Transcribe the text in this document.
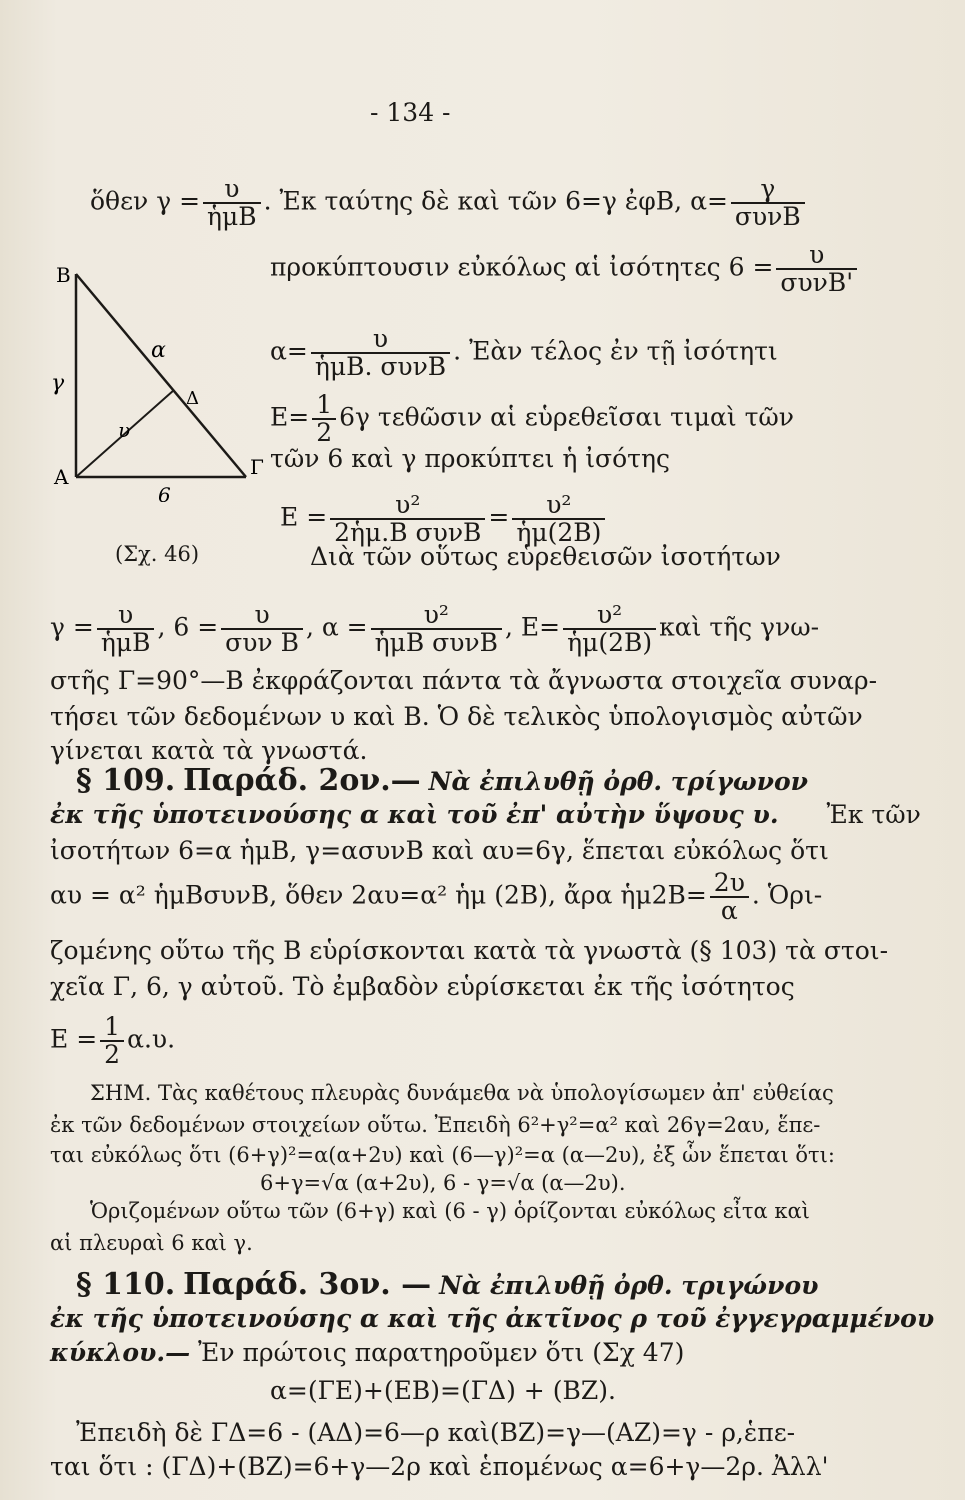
- 134 -
ὅθεν $\gamma = \frac{\upsilon}{\text{ἡμΒ}}$ . Ἐκ ταύτης δὲ καὶ τῶν 6=γ ἐφΒ, $\alpha= \frac{\gamma}{\text{συνΒ}}$
προκύπτουσιν εὐκόλως αἱ ἰσότητες $6 = \frac{\upsilon}{\text{συνΒ'}}$
$\alpha= \frac{\upsilon}{\text{ἡμΒ. συνΒ}}$ . Ἐὰν τέλος ἐν τῇ ἰσότητι
$E= \frac{1}{2} 6\gamma$ τεθῶσιν αἱ εὑρεθεῖσαι τιμαὶ τῶν
τῶν 6 καὶ γ προκύπτει ἡ ἰσότης
$E = \frac{\text{υ²}}{\text{2ἡμ.Β συνΒ}} = \frac{\text{υ²}}{\text{ἡμ(2Β)}}$
(Σχ. 46)	Διὰ τῶν οὕτως εὑρεθεισῶν ἰσοτήτων
Β
α
γ
Δ
υ
Α
6
Γ
$\gamma = \frac{\upsilon}{\text{ἡμΒ}}$ , $6 = \frac{\upsilon}{\text{συν Β}}$ , $\alpha = \frac{\text{υ²}}{\text{ἡμΒ συνΒ}}$ , $E= \frac{\text{υ²}}{\text{ἡμ(2Β)}}$ καὶ τῆς γνω-
στῆς Γ=90°—Β ἐκφράζονται πάντα τὰ ἄγνωστα στοιχεῖα συναρ-
τήσει τῶν δεδομένων υ καὶ Β. Ὁ δὲ τελικὸς ὑπολογισμὸς αὐτῶν
γίνεται κατὰ τὰ γνωστά.
§ 109. Παράδ. 2ον.— Νὰ ἐπιλυθῇ ὀρθ. τρίγωνον
ἐκ τῆς ὑποτεινούσης α καὶ τοῦ ἐπ' αὐτὴν ὕψους υ. Ἐκ τῶν
ἰσοτήτων 6=α ἡμΒ, γ=ασυνΒ καὶ αυ=6γ, ἕπεται εὐκόλως ὅτι
αυ = α² ἡμΒσυνΒ, ὅθεν 2αυ=α² ἡμ (2Β), ἄρα ἡμ2Β= $\frac{2\upsilon}{\alpha}$ . Ὁρι-
ζομένης οὕτω τῆς Β εὑρίσκονται κατὰ τὰ γνωστὰ (§ 103) τὰ στοι-
χεῖα Γ, 6, γ αὐτοῦ. Τὸ ἐμβαδὸν εὑρίσκεται ἐκ τῆς ἰσότητος
$E = \frac{1}{2} \alpha.\upsilon$.
ΣΗΜ. Τὰς καθέτους πλευρὰς δυνάμεθα νὰ ὑπολογίσωμεν ἀπ' εὐθείας
ἐκ τῶν δεδομένων στοιχείων οὕτω. Ἐπειδὴ 6²+γ²=α² καὶ 26γ=2αυ, ἕπε-
ται εὐκόλως ὅτι (6+γ)²=α(α+2υ) καὶ (6—γ)²=α (α—2υ), ἐξ ὧν ἕπεται ὅτι:
6+γ=√α (α+2υ), 6 - γ=√α (α—2υ).
Ὁριζομένων οὕτω τῶν (6+γ) καὶ (6 - γ) ὁρίζονται εὐκόλως εἶτα καὶ
αἱ πλευραὶ 6 καὶ γ.
§ 110. Παράδ. 3ον. — Νὰ ἐπιλυθῇ ὀρθ. τριγώνου
ἐκ τῆς ὑποτεινούσης α καὶ τῆς ἀκτῖνος ρ τοῦ ἐγγεγραμμένου
κύκλου.— Ἐν πρώτοις παρατηροῦμεν ὅτι (Σχ 47)
α=(ΓΕ)+(ΕΒ)=(ΓΔ) + (ΒΖ).
Ἐπειδὴ δὲ ΓΔ=6 - (ΑΔ)=6—ρ καὶ(ΒΖ)=γ—(ΑΖ)=γ - ρ,ἑπε-
ται ὅτι : (ΓΔ)+(ΒΖ)=6+γ—2ρ καὶ ἑπομένως α=6+γ—2ρ. Ἀλλ'
